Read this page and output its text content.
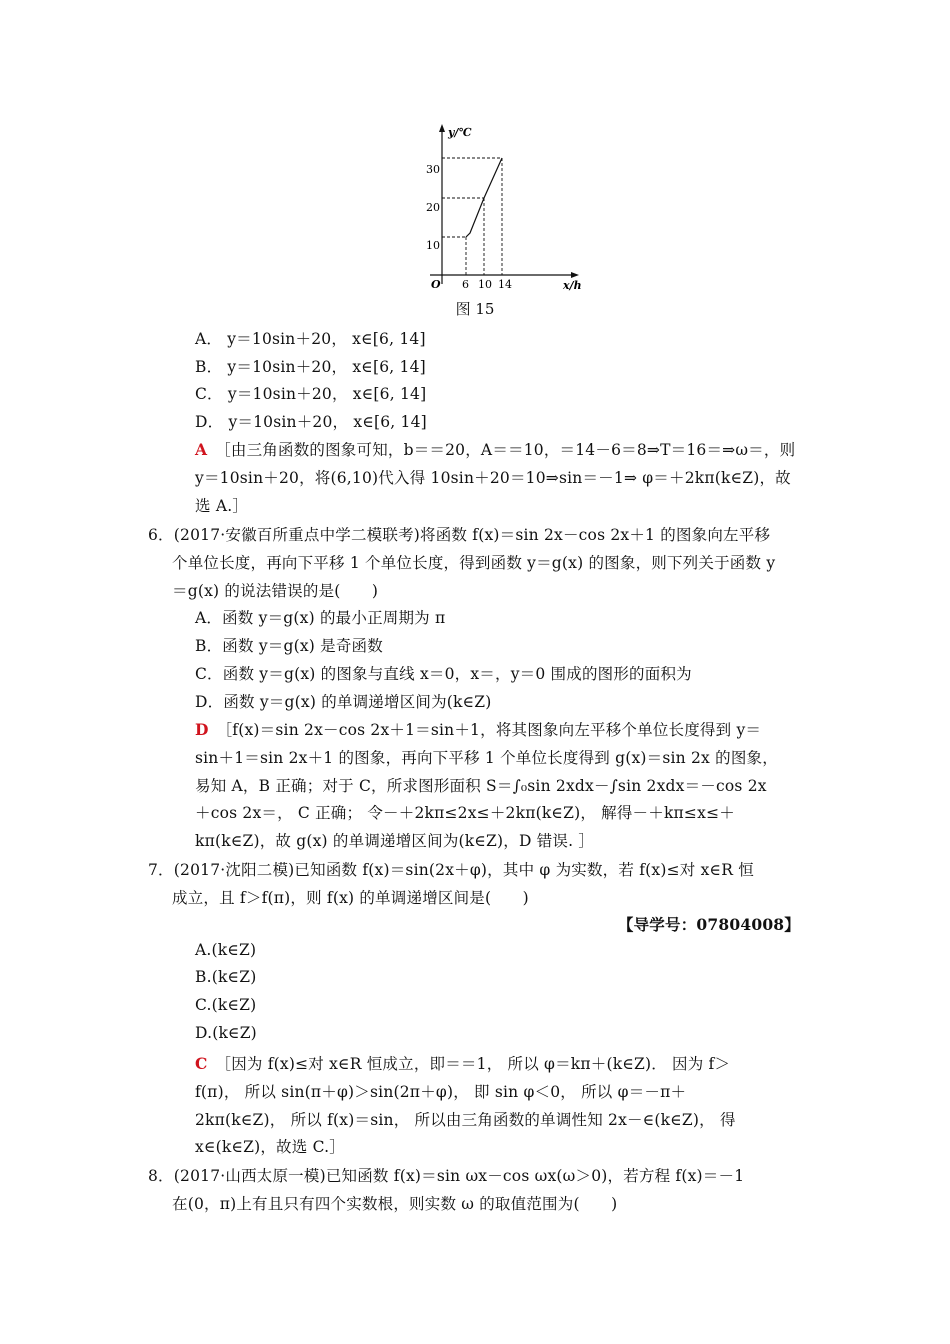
y/℃
x/h
O
10
20
30
6 10 14
图 15
A． y＝10sin＋20， x∈[6, 14]
B． y＝10sin＋20， x∈[6, 14]
C． y＝10sin＋20， x∈[6, 14]
D． y＝10sin＋20， x∈[6, 14]
A　 ［由三角函数的图象可知，b＝＝20，A＝＝10，＝14－6＝8⇒T＝16＝⇒ω＝，则
y＝10sin＋20，将(6,10)代入得 10sin＋20＝10⇒sin＝－1⇒ φ＝＋2kπ(k∈Z)，故
选 A.］
6．(2017·安徽百所重点中学二模联考)将函数 f(x)＝sin 2x－cos 2x＋1 的图象向左平移
个单位长度，再向下平移 1 个单位长度，得到函数 y＝g(x) 的图象，则下列关于函数 y
＝g(x) 的说法错误的是(　　)
A．函数 y＝g(x) 的最小正周期为 π
B．函数 y＝g(x) 是奇函数
C．函数 y＝g(x) 的图象与直线 x＝0，x＝，y＝0 围成的图形的面积为
D．函数 y＝g(x) 的单调递增区间为(k∈Z)
D　 ［f(x)＝sin 2x－cos 2x＋1＝sin＋1，将其图象向左平移个单位长度得到 y＝
sin＋1＝sin 2x＋1 的图象，再向下平移 1 个单位长度得到 g(x)＝sin 2x 的图象，
易知 A，B 正确；对于 C，所求图形面积 S＝∫₀sin 2xdx－∫sin 2xdx＝－cos 2x
＋cos 2x＝， C 正确； 令－＋2kπ≤2x≤＋2kπ(k∈Z)， 解得－＋kπ≤x≤＋
kπ(k∈Z)，故 g(x) 的单调递增区间为(k∈Z)，D 错误. ］
7．(2017·沈阳二模)已知函数 f(x)＝sin(2x＋φ)，其中 φ 为实数，若 f(x)≤对 x∈R 恒
成立，且 f＞f(π)，则 f(x) 的单调递增区间是(　　)
A.(k∈Z)
B.(k∈Z)
C.(k∈Z)
D.(k∈Z)
C　 ［因为 f(x)≤对 x∈R 恒成立，即＝＝1， 所以 φ＝kπ＋(k∈Z)． 因为 f＞
f(π)， 所以 sin(π＋φ)＞sin(2π＋φ)， 即 sin φ＜0， 所以 φ＝－π＋
2kπ(k∈Z)， 所以 f(x)＝sin， 所以由三角函数的单调性知 2x－∈(k∈Z)， 得
x∈(k∈Z)，故选 C.］
8．(2017·山西太原一模)已知函数 f(x)＝sin ωx－cos ωx(ω＞0)，若方程 f(x)＝－1
在(0，π)上有且只有四个实数根，则实数 ω 的取值范围为(　　)
【导学号：07804008】
